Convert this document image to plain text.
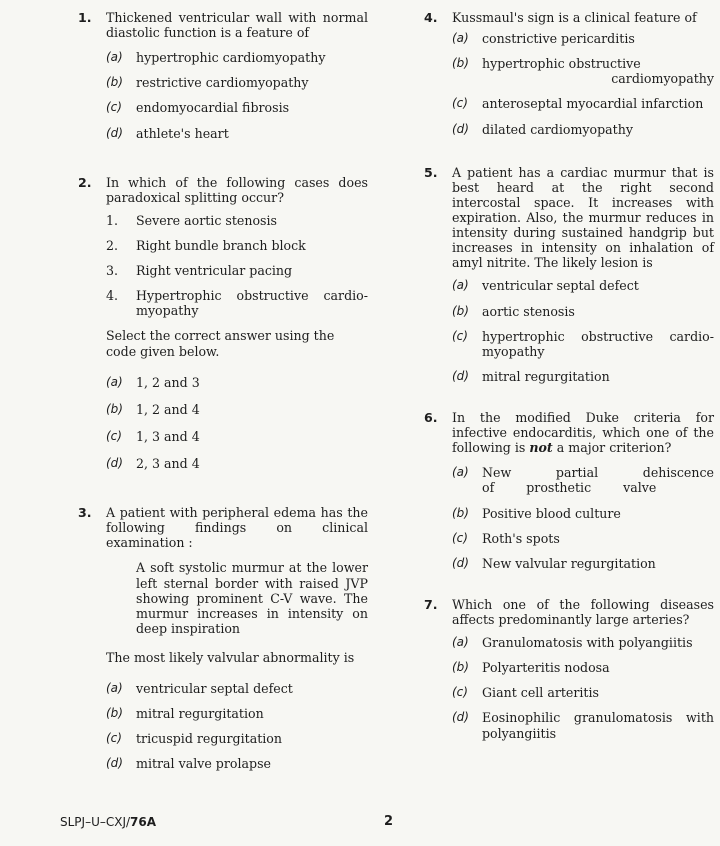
1. Thickened ventricular wall with normal diastolic function is a feature of
(a) hypertrophic cardiomyopathy
(b) restrictive cardiomyopathy
(c) endomyocardial fibrosis
(d) athlete's heart
2. In which of the following cases does paradoxical splitting occur?
1. Severe aortic stenosis
2. Right bundle branch block
3. Right ventricular pacing
4. Hypertrophic obstructive cardio-myopathy
Select the correct answer using the code given below.
(a) 1, 2 and 3
(b) 1, 2 and 4
(c) 1, 3 and 4
(d) 2, 3 and 4
3. A patient with peripheral edema has the following findings on clinical examination :
A soft systolic murmur at the lower left sternal border with raised JVP showing prominent C-V wave. The murmur increases in intensity on deep inspiration
The most likely valvular abnormality is
(a) ventricular septal defect
(b) mitral regurgitation
(c) tricuspid regurgitation
(d) mitral valve prolapse
4. Kussmaul's sign is a clinical feature of
(a) constrictive pericarditis
(b) hypertrophic obstructive
cardiomyopathy
(c) anteroseptal myocardial infarction
(d) dilated cardiomyopathy
5. A patient has a cardiac murmur that is best heard at the right second intercostal space. It increases with expiration. Also, the murmur reduces in intensity during sustained handgrip but increases in intensity on inhalation of amyl nitrite. The likely lesion is
(a) ventricular septal defect
(b) aortic stenosis
(c) hypertrophic obstructive cardio-myopathy
(d) mitral regurgitation
6. In the modified Duke criteria for infective endocarditis, which one of the following is not a major criterion?
(a) New partial dehiscence of prosthetic valve
(b) Positive blood culture
(c) Roth's spots
(d) New valvular regurgitation
7. Which one of the following diseases affects predominantly large arteries?
(a) Granulomatosis with polyangiitis
(b) Polyarteritis nodosa
(c) Giant cell arteritis
(d) Eosinophilic granulomatosis with polyangiitis
SLPJ–U–CXJ/76A	2
